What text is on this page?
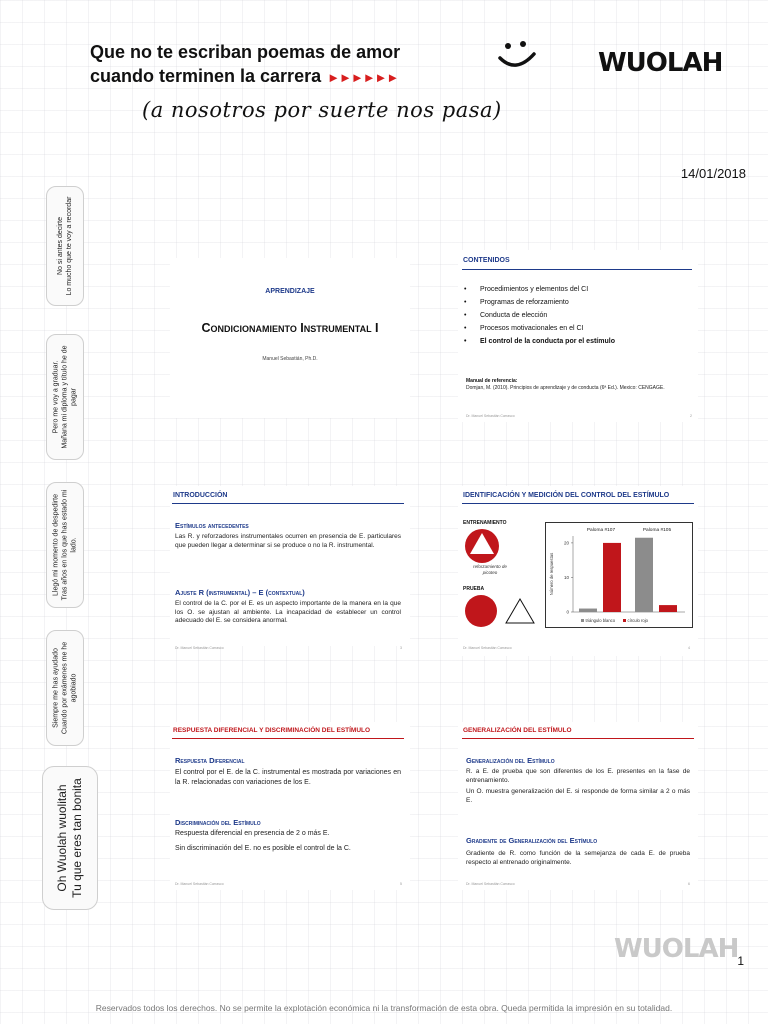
Que no te escriban poemas de amor
cuando terminen la carrera ►►►►►►	WUOLAH
(a nosotros por suerte nos pasa)
14/01/2018
No si antes decirte
Lo mucho que te voy a recordar
Pero me voy a graduar.
Mañana mi diploma y título he de
pagar
Llegó mi momento de despedirte
Tras años en los que has estado mi
lado.
Siempre me has ayudado
Cuando por exámenes me he
agobiado
Oh Wuolah wuolitah
Tu que eres tan bonita
APRENDIZAJE
Condicionamiento Instrumental I
Manuel Sebastián, Ph.D.
CONTENIDOS
• Procedimientos y elementos del CI
• Programas de reforzamiento
• Conducta de elección
• Procesos motivacionales en el CI
• El control de la conducta por el estímulo
Manual de referencia:
Domjan, M. (2010). Principios de aprendizaje y de conducta (6ª Ed.). Mexico: CENGAGE.
Dr. Manuel Sebastián Carrasco	2
INTRODUCCIÓN
Estímulos antecedentes
Las R. y reforzadores instrumentales ocurren en presencia de E. particulares que pueden llegar a determinar si se produce o no la R. instrumental.
Ajuste R (instrumental) – E (contextual)
El control de la C. por el E. es un aspecto importante de la manera en la que los O. se ajustan al ambiente. La incapacidad de establecer un control adecuado del E. se considera anormal.
Dr. Manuel Sebastián Carrasco	3
IDENTIFICACIÓN Y MEDICIÓN DEL CONTROL DEL ESTÍMULO
ENTRENAMIENTO
reforzamiento de picoteo
PRUEBA	Número de respuestas
0
10
20
Paloma #107	Paloma #105
triángulo blanco	círculo rojo
Dr. Manuel Sebastián Carrasco	4
RESPUESTA DIFERENCIAL Y DISCRIMINACIÓN DEL ESTÍMULO
Respuesta Diferencial
El control por el E. de la C. instrumental es mostrada por variaciones en la R. relacionadas con variaciones de los E.
Discriminación del Estímulo
Respuesta diferencial en presencia de 2 o más E.
Sin discriminación del E. no es posible el control de la C.
Dr. Manuel Sebastián Carrasco	5
GENERALIZACIÓN DEL ESTÍMULO
Generalización del Estímulo
R. a E. de prueba que son diferentes de los E. presentes en la fase de entrenamiento.
Un O. muestra generalización del E. si responde de forma similar a 2 o más E.
Gradiente de Generalización del Estímulo
Gradiente de R. como función de la semejanza de cada E. de prueba respecto al entrenado originalmente.
Dr. Manuel Sebastián Carrasco	6
WUOLAH
1
Reservados todos los derechos. No se permite la explotación económica ni la transformación de esta obra. Queda permitida la impresión en su totalidad.
